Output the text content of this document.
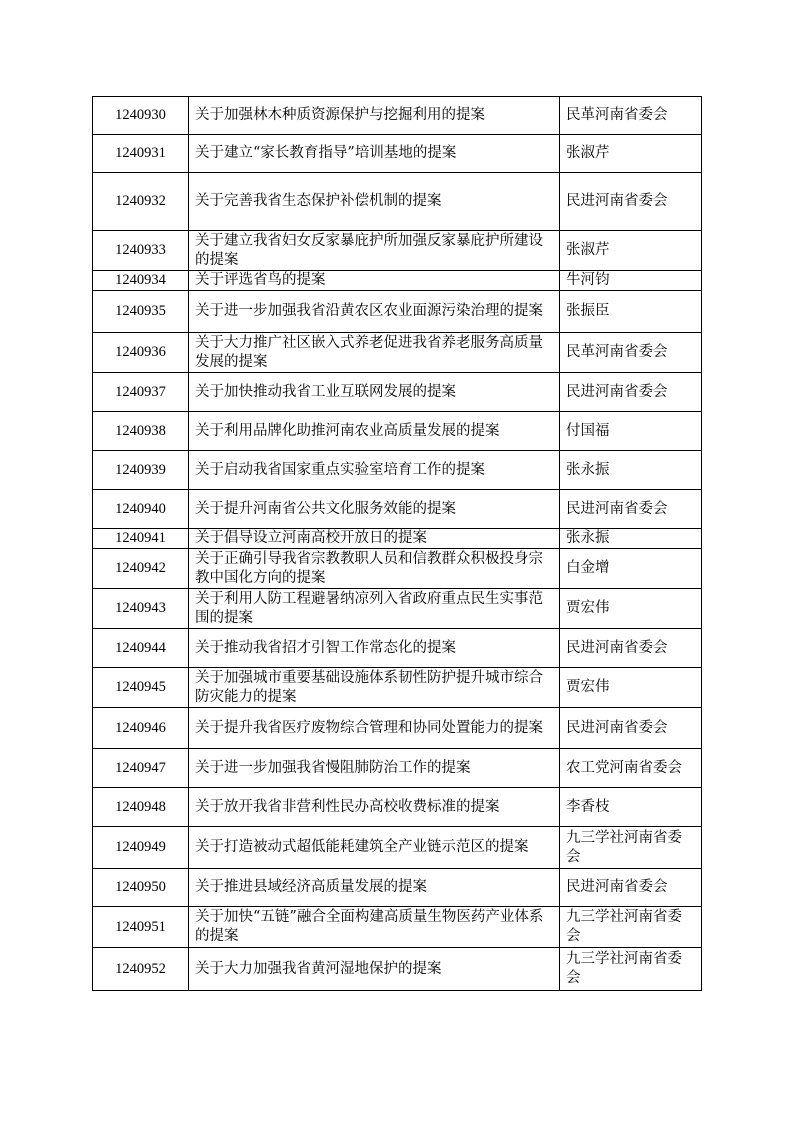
1240930	关于加强林木种质资源保护与挖掘利用的提案	民革河南省委会
1240931	关于建立“家长教育指导”培训基地的提案	张淑芹
1240932	关于完善我省生态保护补偿机制的提案	民进河南省委会
1240933	关于建立我省妇女反家暴庇护所加强反家暴庇护所建设的提案	张淑芹
1240934	关于评选省鸟的提案	牛河钧
1240935	关于进一步加强我省沿黄农区农业面源污染治理的提案	张振臣
1240936	关于大力推广社区嵌入式养老促进我省养老服务高质量发展的提案	民革河南省委会
1240937	关于加快推动我省工业互联网发展的提案	民进河南省委会
1240938	关于利用品牌化助推河南农业高质量发展的提案	付国福
1240939	关于启动我省国家重点实验室培育工作的提案	张永振
1240940	关于提升河南省公共文化服务效能的提案	民进河南省委会
1240941	关于倡导设立河南高校开放日的提案	张永振
1240942	关于正确引导我省宗教教职人员和信教群众积极投身宗教中国化方向的提案	白金增
1240943	关于利用人防工程避暑纳凉列入省政府重点民生实事范围的提案	贾宏伟
1240944	关于推动我省招才引智工作常态化的提案	民进河南省委会
1240945	关于加强城市重要基础设施体系韧性防护提升城市综合防灾能力的提案	贾宏伟
1240946	关于提升我省医疗废物综合管理和协同处置能力的提案	民进河南省委会
1240947	关于进一步加强我省慢阻肺防治工作的提案	农工党河南省委会
1240948	关于放开我省非营利性民办高校收费标准的提案	李香枝
1240949	关于打造被动式超低能耗建筑全产业链示范区的提案	九三学社河南省委会
1240950	关于推进县域经济高质量发展的提案	民进河南省委会
1240951	关于加快“五链”融合全面构建高质量生物医药产业体系的提案	九三学社河南省委会
1240952	关于大力加强我省黄河湿地保护的提案	九三学社河南省委会
